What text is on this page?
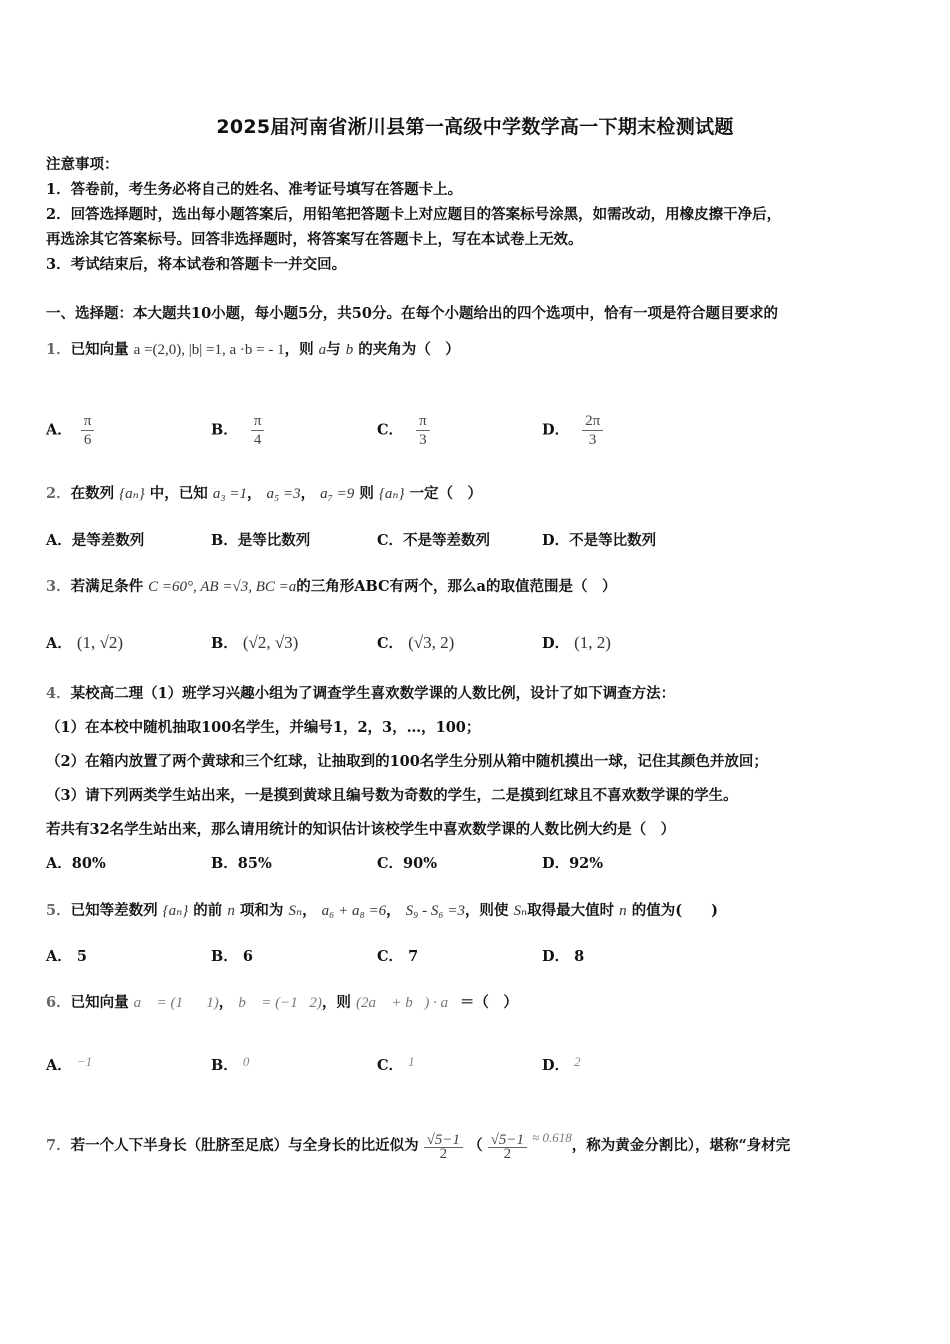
2025届河南省淅川县第一高级中学数学高一下期末检测试题
注意事项：
1．答卷前，考生务必将自己的姓名、准考证号填写在答题卡上。
2．回答选择题时，选出每小题答案后，用铅笔把答题卡上对应题目的答案标号涂黑，如需改动，用橡皮擦干净后，
再选涂其它答案标号。回答非选择题时，将答案写在答题卡上，写在本试卷上无效。
3．考试结束后，将本试卷和答题卡一并交回。
一、选择题：本大题共10小题，每小题5分，共50分。在每个小题给出的四个选项中，恰有一项是符合题目要求的
1．已知向量 a =(2,0), |b| =1, a ·b = - 1，则 a与 b 的夹角为（　）
A． $\frac{\pi}{6}$	B． $\frac{\pi}{4}$	C． $\frac{\pi}{3}$	D． $\frac{2\pi}{3}$
2．在数列 {aₙ} 中，已知 a₃ =1， a₅ =3， a₇ =9 则 {aₙ} 一定（　）
A．是等差数列	B．是等比数列	C．不是等差数列	D．不是等比数列
3．若满足条件 C =60°, AB =√3, BC =a的三角形ABC有两个，那么a的取值范围是（　）
A． (1, √2)	B． (√2, √3)	C． (√3, 2)	D． (1, 2)
4．某校高二理（1）班学习兴趣小组为了调查学生喜欢数学课的人数比例，设计了如下调查方法：
（1）在本校中随机抽取100名学生，并编号1，2，3，…，100；
（2）在箱内放置了两个黄球和三个红球，让抽取到的100名学生分别从箱中随机摸出一球，记住其颜色并放回；
（3）请下列两类学生站出来，一是摸到黄球且编号数为奇数的学生，二是摸到红球且不喜欢数学课的学生。
若共有32名学生站出来，那么请用统计的知识估计该校学生中喜欢数学课的人数比例大约是（　）
A．80%	B．85%	C．90%	D．92%
5．已知等差数列 {aₙ} 的前 n 项和为 Sₙ， a₆ + a₈ =6， S₉ - S₆ =3，则使 Sₙ取得最大值时 n 的值为(　　)
A． 5	B． 6	C． 7	D． 8
6．已知向量 a⃗ = (1，－1)， b⃗ = (−1，2)，则 (2a⃗ + b⃗) · a⃗＝（　）
A． −1	B． 0	C． 1	D． 2
7．若一个人下半身长（肚脐至足底）与全身长的比近似为 $\frac{√5-1}{2}$ （ $\frac{√5-1}{2} \approx 0.618$，称为黄金分割比），堪称“身材完
